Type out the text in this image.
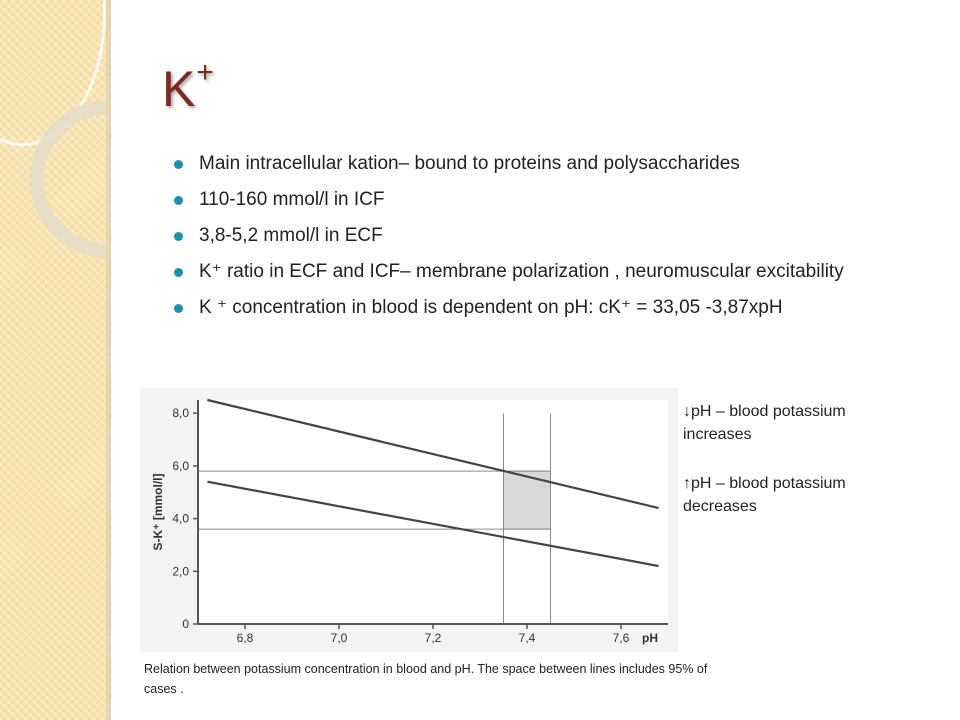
K+
Main intracellular kation– bound to proteins and polysaccharides
110-160 mmol/l in ICF
3,8-5,2 mmol/l in ECF
K⁺ ratio in ECF and ICF– membrane polarization , neuromuscular excitability
K ⁺ concentration in blood is dependent on pH: cK⁺ = 33,05 -3,87xpH
0
2,0
4,0
6,0
8,0
6,8	7,0	7,2	7,4	7,6 pH
S-K⁺ [mmol/l]

↓pH – blood potassium increases

↑pH – blood potassium decreases

Relation between potassium concentration in blood and pH. The space between lines includes 95% of cases .
